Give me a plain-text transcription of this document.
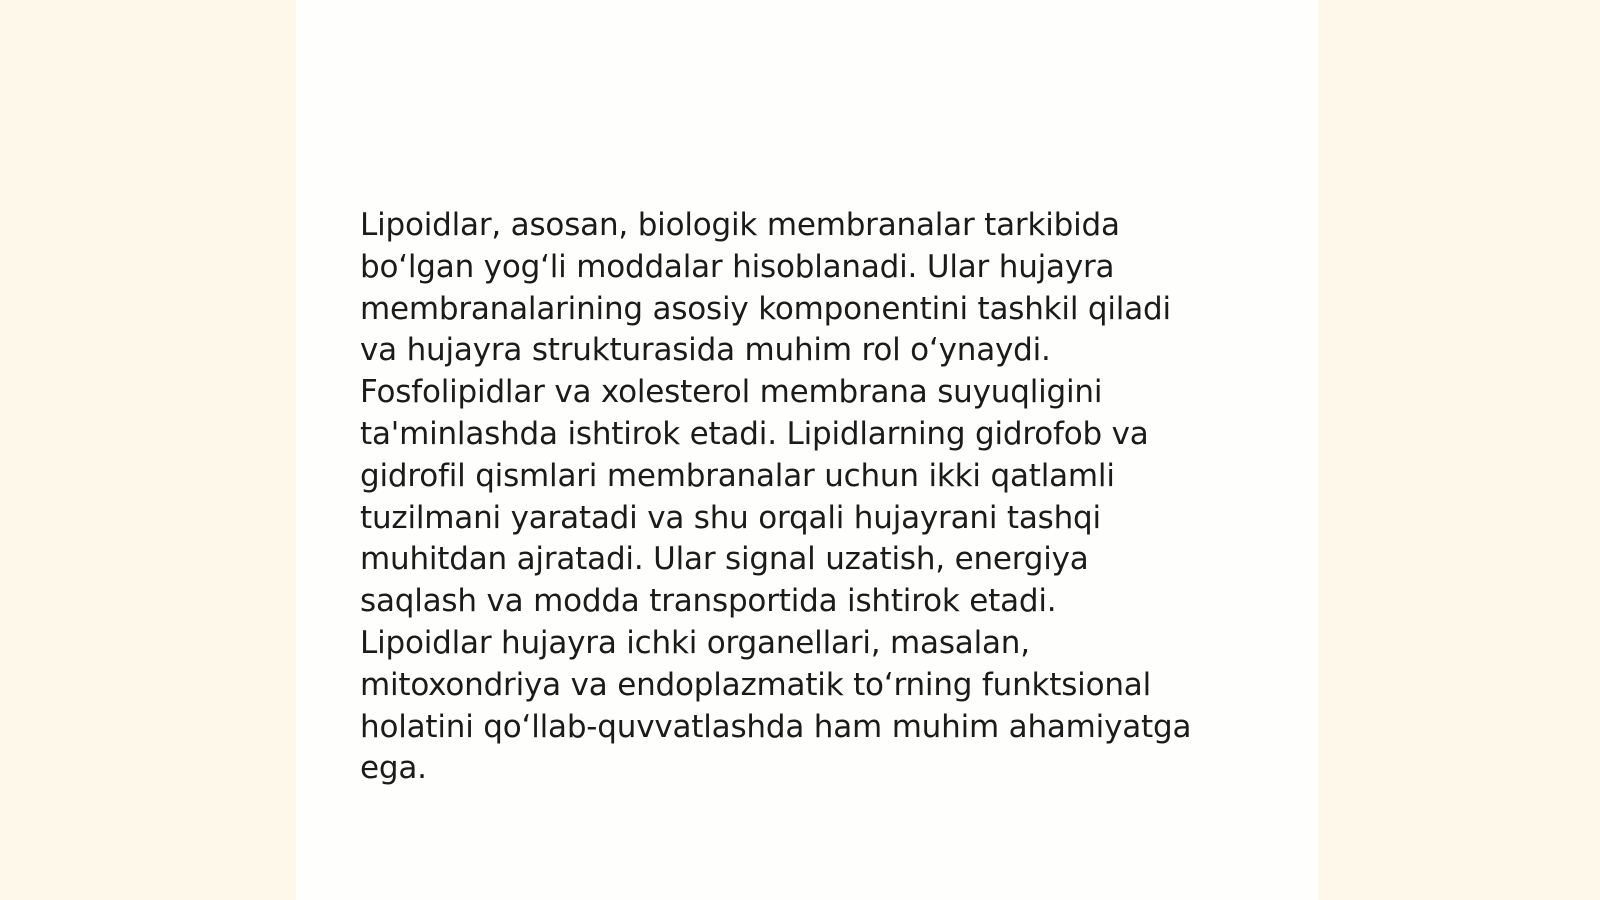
Lipoidlar, asosan, biologik membranalar tarkibida
bo‘lgan yog‘li moddalar hisoblanadi. Ular hujayra
membranalarining asosiy komponentini tashkil qiladi
va hujayra strukturasida muhim rol o‘ynaydi.
Fosfolipidlar va xolesterol membrana suyuqligini
ta'minlashda ishtirok etadi. Lipidlarning gidrofob va
gidrofil qismlari membranalar uchun ikki qatlamli
tuzilmani yaratadi va shu orqali hujayrani tashqi
muhitdan ajratadi. Ular signal uzatish, energiya
saqlash va modda transportida ishtirok etadi.
Lipoidlar hujayra ichki organellari, masalan,
mitoxondriya va endoplazmatik to‘rning funktsional
holatini qo‘llab-quvvatlashda ham muhim ahamiyatga
ega.
